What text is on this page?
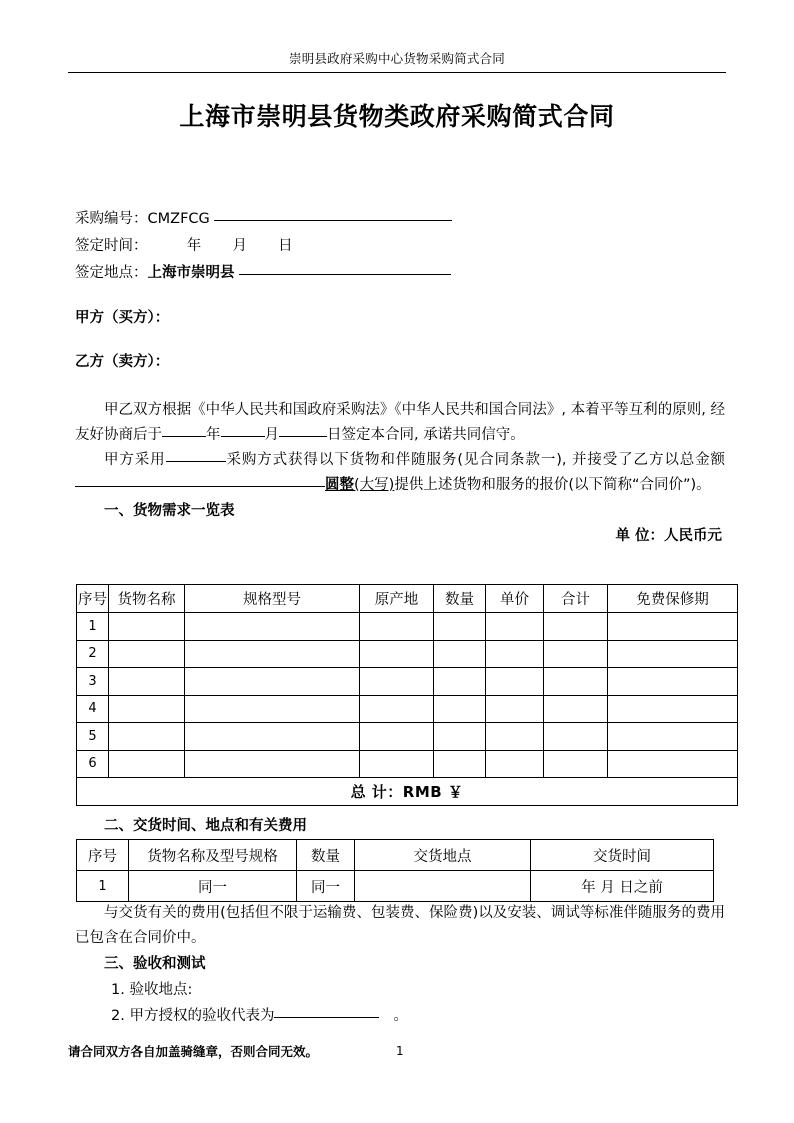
崇明县政府采购中心货物采购简式合同
上海市崇明县货物类政府采购简式合同
采购编号：CMZFCG
签定时间：	年 月 日
签定地点：上海市崇明县
甲方（买方）：
乙方（卖方）：
甲乙双方根据《中华人民共和国政府采购法》《中华人民共和国合同法》, 本着平等互利的原则, 经友好协商后于	年	月	日签定本合同, 承诺共同信守。
甲方采用	采购方式获得以下货物和伴随服务(见合同条款一), 并接受了乙方以总金额圆整(大写)提供上述货物和服务的报价(以下简称“合同价”)。
一、货物需求一览表
单 位：人民币元
序号	货物名称	规格型号	原产地	数量	单价	合计	免费保修期
1							
2							
3							
4							
5							
6							
总 计：RMB ￥							
二、交货时间、地点和有关费用
序号	货物名称及型号规格	数量	交货地点	交货时间
1	同一	同一		年 月 日之前
与交货有关的费用(包括但不限于运输费、包装费、保险费)以及安装、调试等标准伴随服务的费用已包含在合同价中。
三、验收和测试
1. 验收地点:
2. 甲方授权的验收代表为	。
请合同双方各自加盖骑缝章，否则合同无效。	1
